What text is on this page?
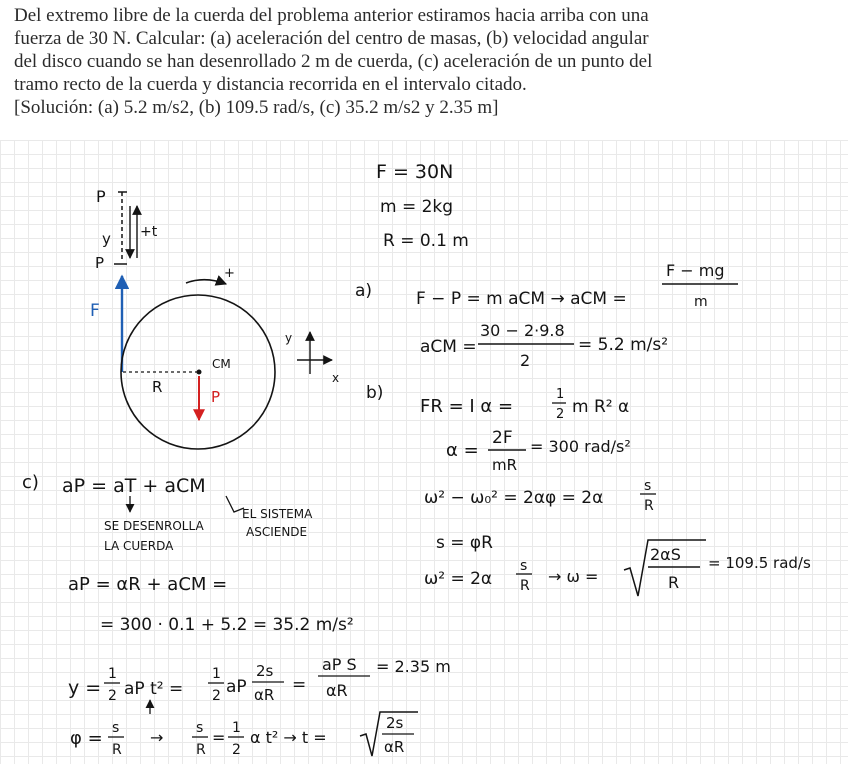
Del extremo libre de la cuerda del problema anterior estiramos hacia arriba con una

fuerza de 30 N. Calcular: (a) aceleración del centro de masas, (b) velocidad angular

del disco cuando se han desenrollado 2 m de cuerda, (c) aceleración de un punto del

tramo recto de la cuerda y distancia recorrida en el intervalo citado.

[Solución: (a) 5.2 m/s2, (b) 109.5 rad/s, (c) 35.2 m/s2 y 2.35 m]

F = 30N
m = 2kg
R = 0.1 m
P
y +t
P
F
CM
R
+
P
y
x
a)	F − P = m aCM → aCM =
F − mg
m
aCM =
30 − 2·9.8
2
= 5.2 m/s²
b)
FR = I α =
1
2 m R² α
α =
2F
mR
= 300 rad/s²
ω² − ω₀² = 2αφ = 2α
s
R
s = φR
ω² = 2α
s
R → ω =
2αS
R
= 109.5 rad/s
c) aP = aT + aCM
SE DESENROLLA
LA CUERDA
EL SISTEMA
ASCIENDE
aP = αR + aCM =
= 300 · 0.1 + 5.2 = 35.2 m/s²
y =
1
2 aP t² =
1
2 aP
2s
αR =
aP S
αR
= 2.35 m
φ = s
R
→ s
R
= 1
2
α t² → t =
2s
αR
